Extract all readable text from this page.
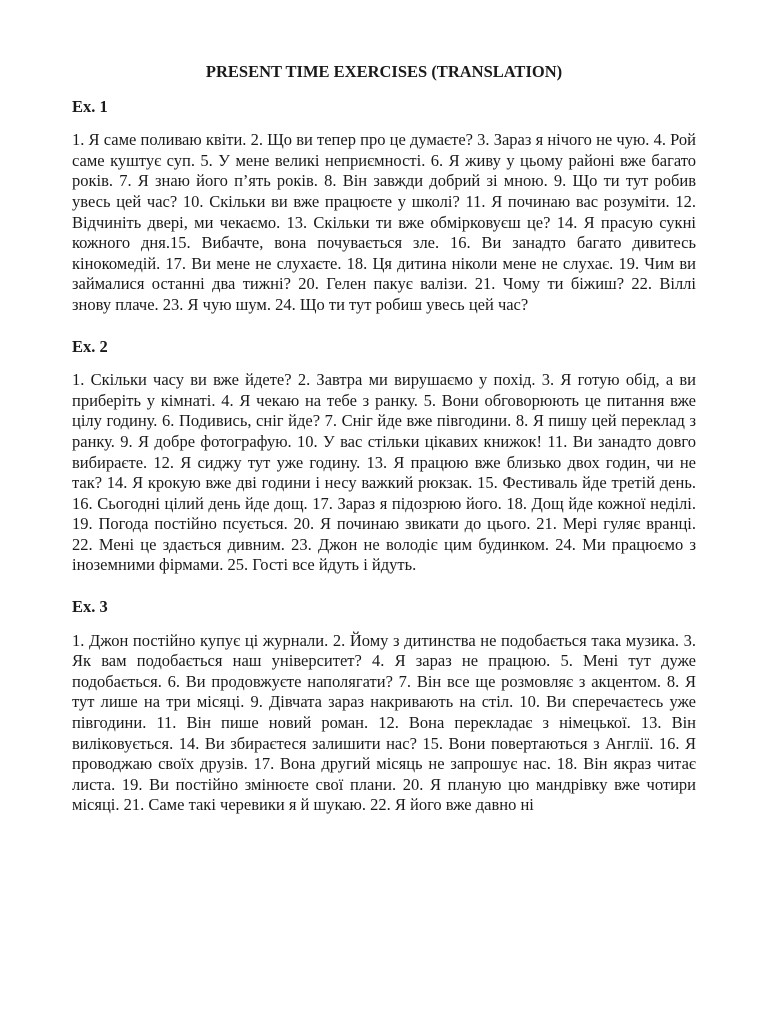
PRESENT TIME EXERCISES (TRANSLATION)
Ex. 1
1. Я саме поливаю квіти. 2. Що ви тепер про це думаєте? 3. Зараз я нічого не чую. 4. Рой саме куштує суп. 5. У мене великі неприємності. 6. Я живу у цьому районі вже багато років. 7. Я знаю його п’ять років. 8. Він завжди добрий зі мною. 9. Що ти тут робив увесь цей час? 10. Скільки ви вже працюєте у школі? 11. Я починаю вас розуміти. 12. Відчиніть двері, ми чекаємо. 13. Скільки ти вже обмірковуєш це? 14. Я прасую сукні кожного дня.15. Вибачте, вона почувається зле. 16. Ви занадто багато дивитесь кінокомедій. 17. Ви мене не слухаєте. 18. Ця дитина ніколи мене не слухає. 19. Чим ви займалися останні два тижні? 20. Гелен пакує валізи. 21. Чому ти біжиш? 22. Віллі знову плаче. 23. Я чую шум. 24. Що ти тут робиш увесь цей час?
Ex. 2
1. Скільки часу ви вже йдете? 2. Завтра ми вирушаємо у похід. 3. Я готую обід, а ви приберіть у кімнаті. 4. Я чекаю на тебе з ранку. 5. Вони обговорюють це питання вже цілу годину. 6. Подивись, сніг йде? 7. Сніг йде вже півгодини. 8. Я пишу цей переклад з ранку. 9. Я добре фотографую. 10. У вас стільки цікавих книжок! 11. Ви занадто довго вибираєте. 12. Я сиджу тут уже годину. 13. Я працюю вже близько двох годин, чи не так? 14. Я крокую вже дві години і несу важкий рюкзак. 15. Фестиваль йде третій день. 16. Сьогодні цілий день йде дощ. 17. Зараз я підозрюю його. 18. Дощ йде кожної неділі. 19. Погода постійно псується. 20. Я починаю звикати до цього. 21. Мері гуляє вранці. 22. Мені це здається дивним. 23. Джон не володіє цим будинком. 24. Ми працюємо з іноземними фірмами. 25. Гості все йдуть і йдуть.
Ex. 3
1. Джон постійно купує ці журнали. 2. Йому з дитинства не подобається така музика. 3. Як вам подобається наш університет? 4. Я зараз не працюю. 5. Мені тут дуже подобається. 6. Ви продовжуєте наполягати? 7. Він все ще розмовляє з акцентом. 8. Я тут лише на три місяці. 9. Дівчата зараз накривають на стіл. 10. Ви сперечаєтесь уже півгодини. 11. Він пише новий роман. 12. Вона перекладає з німецької. 13. Він виліковується. 14. Ви збираєтеся залишити нас? 15. Вони повертаються з Англії. 16. Я проводжаю своїх друзів. 17. Вона другий місяць не запрошує нас. 18. Він якраз читає листа. 19. Ви постійно змінюєте свої плани. 20. Я планую цю мандрівку вже чотири місяці. 21. Саме такі черевики я й шукаю. 22. Я його вже давно ні
